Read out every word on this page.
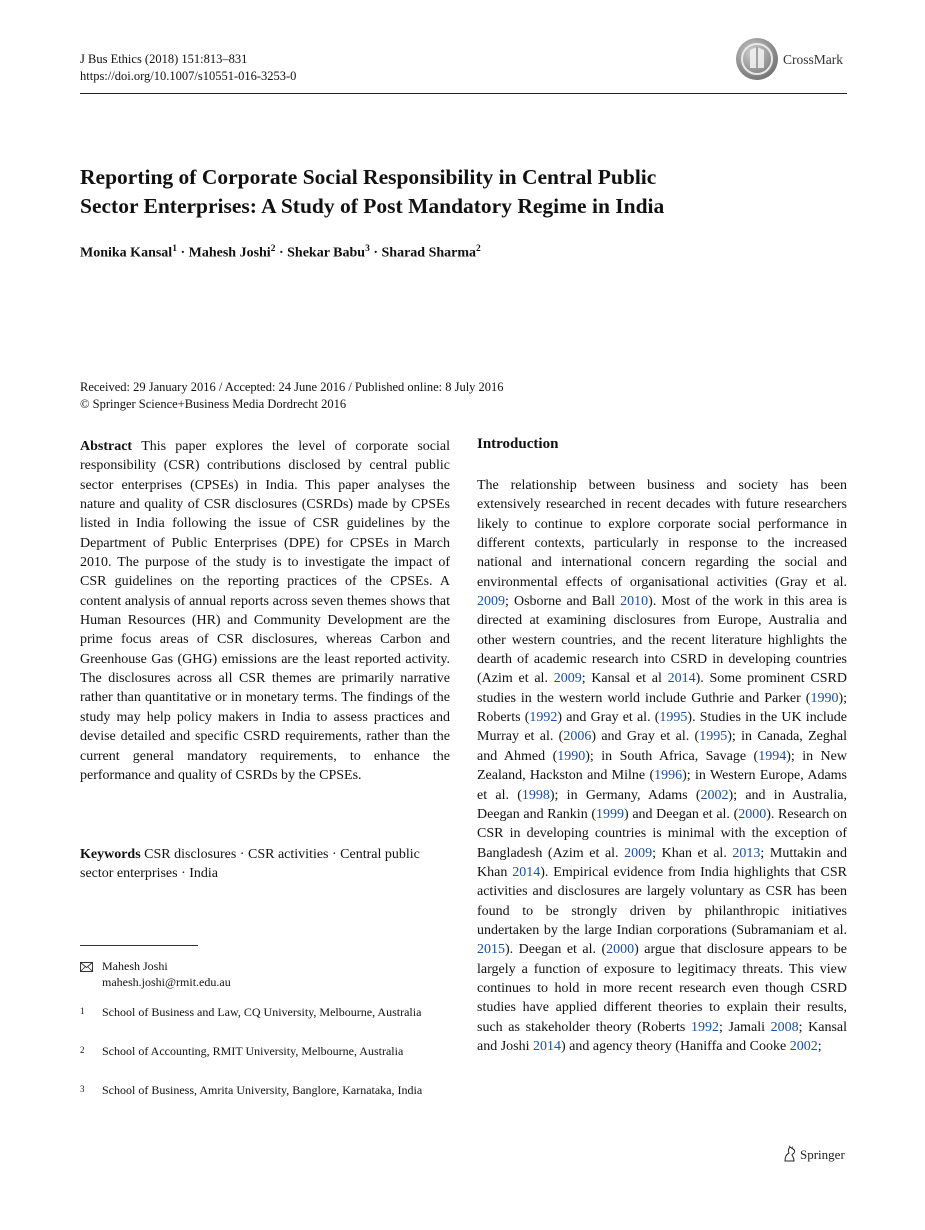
J Bus Ethics (2018) 151:813–831
https://doi.org/10.1007/s10551-016-3253-0
CrossMark
Reporting of Corporate Social Responsibility in Central Public
Sector Enterprises: A Study of Post Mandatory Regime in India
Monika Kansal$^1$ · Mahesh Joshi$^2$ · Shekar Babu$^3$ · Sharad Sharma$^2$
Received: 29 January 2016 / Accepted: 24 June 2016 / Published online: 8 July 2016
© Springer Science+Business Media Dordrecht 2016
Abstract This paper explores the level of corporate social responsibility (CSR) contributions disclosed by central public sector enterprises (CPSEs) in India. This paper analyses the nature and quality of CSR disclosures (CSRDs) made by CPSEs listed in India following the issue of CSR guidelines by the Department of Public Enterprises (DPE) for CPSEs in March 2010. The purpose of the study is to investigate the impact of CSR guidelines on the reporting practices of the CPSEs. A content analysis of annual reports across seven themes shows that Human Resources (HR) and Community Development are the prime focus areas of CSR disclosures, whereas Carbon and Greenhouse Gas (GHG) emissions are the least reported activity. The disclosures across all CSR themes are primarily narrative rather than quantitative or in monetary terms. The findings of the study may help policy makers in India to assess practices and devise detailed and specific CSRD requirements, rather than the current general mandatory requirements, to enhance the performance and quality of CSRDs by the CPSEs.
Keywords CSR disclosures · CSR activities · Central public sector enterprises · India
Mahesh Joshi
mahesh.joshi@rmit.edu.au
1 School of Business and Law, CQ University, Melbourne, Australia
2 School of Accounting, RMIT University, Melbourne, Australia
3 School of Business, Amrita University, Banglore, Karnataka, India
Introduction
The relationship between business and society has been extensively researched in recent decades with future researchers likely to continue to explore corporate social performance in different contexts, particularly in response to the increased national and international concern regarding the social and environmental effects of organisational activities (Gray et al. 2009; Osborne and Ball 2010). Most of the work in this area is directed at examining disclosures from Europe, Australia and other western countries, and the recent literature highlights the dearth of academic research into CSRD in developing countries (Azim et al. 2009; Kansal et al 2014). Some prominent CSRD studies in the western world include Guthrie and Parker (1990); Roberts (1992) and Gray et al. (1995). Studies in the UK include Murray et al. (2006) and Gray et al. (1995); in Canada, Zeghal and Ahmed (1990); in South Africa, Savage (1994); in New Zealand, Hackston and Milne (1996); in Western Europe, Adams et al. (1998); in Germany, Adams (2002); and in Australia, Deegan and Rankin (1999) and Deegan et al. (2000). Research on CSR in developing countries is minimal with the exception of Bangladesh (Azim et al. 2009; Khan et al. 2013; Muttakin and Khan 2014). Empirical evidence from India highlights that CSR activities and disclosures are largely voluntary as CSR has been found to be strongly driven by philanthropic initiatives undertaken by the large Indian corporations (Subramaniam et al. 2015). Deegan et al. (2000) argue that disclosure appears to be largely a function of exposure to legitimacy threats. This view continues to hold in more recent research even though CSRD studies have applied different theories to explain their results, such as stakeholder theory (Roberts 1992; Jamali 2008; Kansal and Joshi 2014) and agency theory (Haniffa and Cooke 2002;
Springer
